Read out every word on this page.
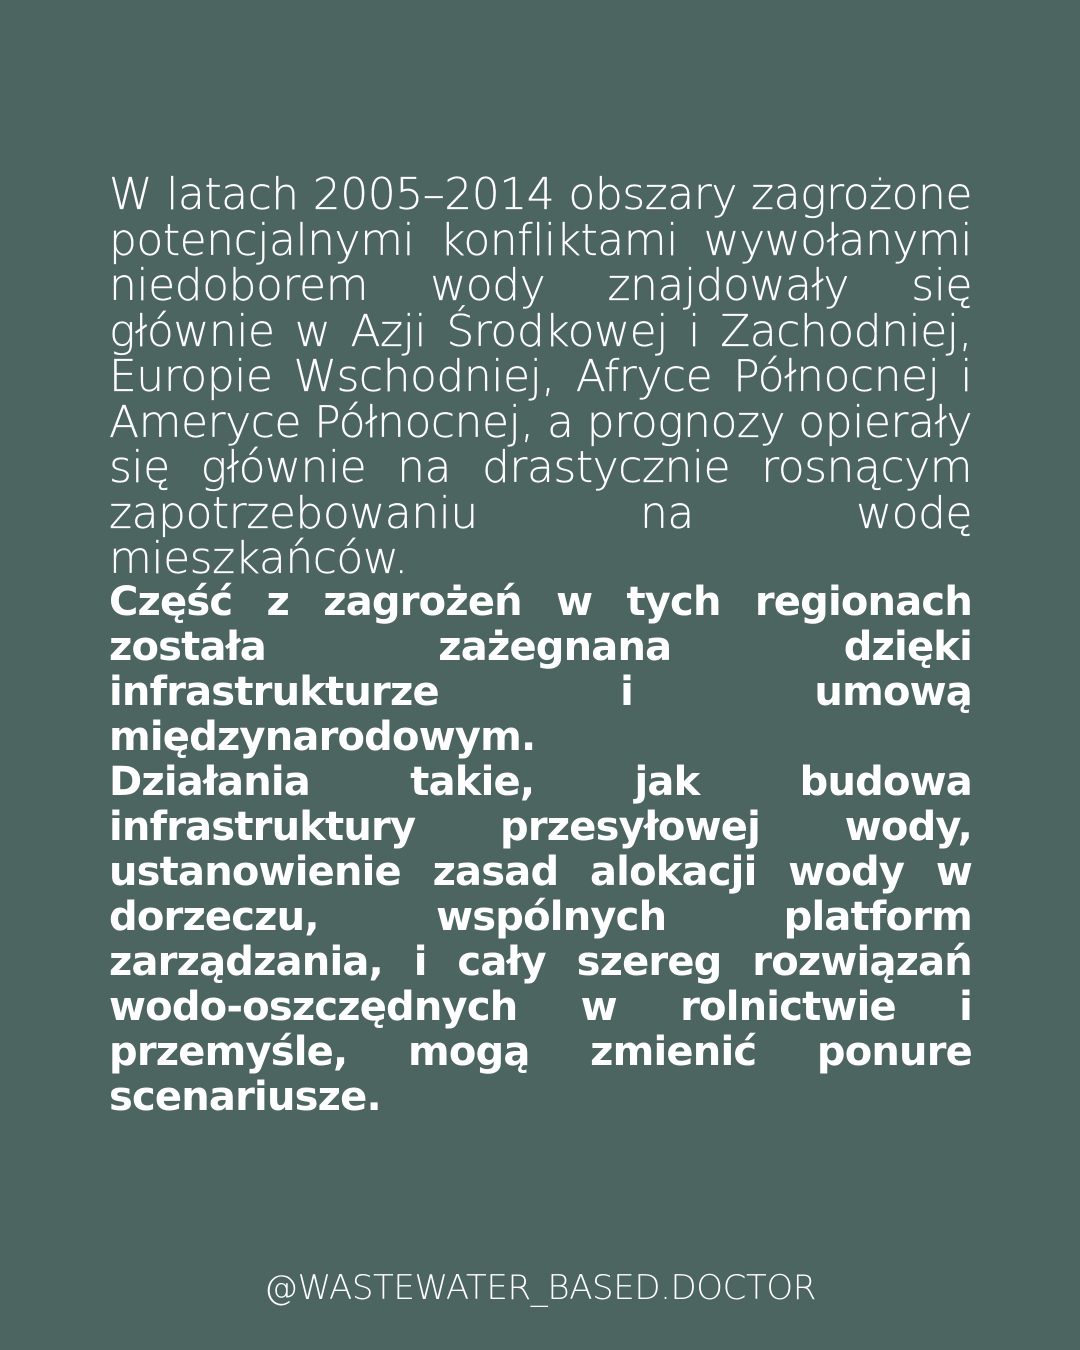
W latach 2005–2014 obszary zagrożone potencjalnymi konfliktami wywołanymi niedoborem wody znajdowały się głównie w Azji Środkowej i Zachodniej, Europie Wschodniej, Afryce Północnej i Ameryce Północnej, a prognozy opierały się głównie na drastycznie rosnącym zapotrzebowaniu na wodę mieszkańców.

Część z zagrożeń w tych regionach została zażegnana dzięki infrastrukturze i umową międzynarodowym.

Działania takie, jak budowa infrastruktury przesyłowej wody, ustanowienie zasad alokacji wody w dorzeczu, wspólnych platform zarządzania, i cały szereg rozwiązań wodo-oszczędnych w rolnictwie i przemyśle, mogą zmienić ponure scenariusze.

@WASTEWATER_BASED.DOCTOR
